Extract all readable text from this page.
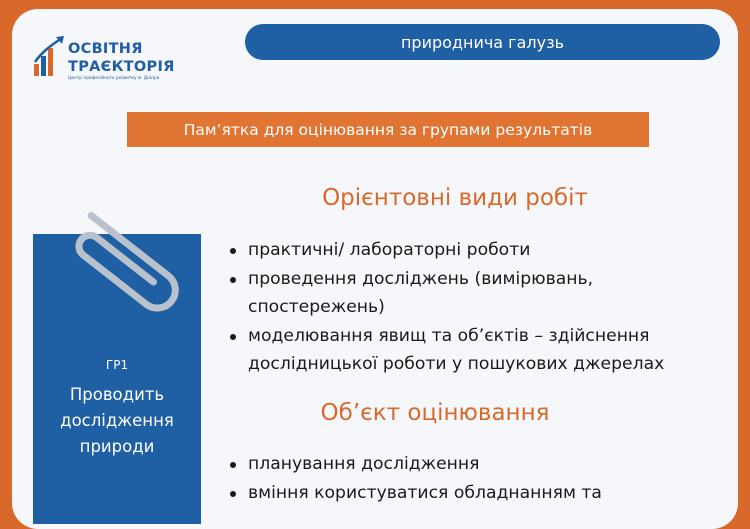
ОСВІТНЯ
ТРАЄКТОРІЯ
Центр професійного розвитку м. Дніпра
природнича галузь
Пам’ятка для оцінювання за групами результатів
ГР1
Проводить дослідження природи
Орієнтовні види робіт
практичні/ лабораторні роботи
проведення досліджень (вимірювань, спостережень)
моделювання явищ та об’єктів – здійснення дослідницької роботи у пошукових джерелах
Об’єкт оцінювання
планування дослідження
вміння користуватися обладнанням та
